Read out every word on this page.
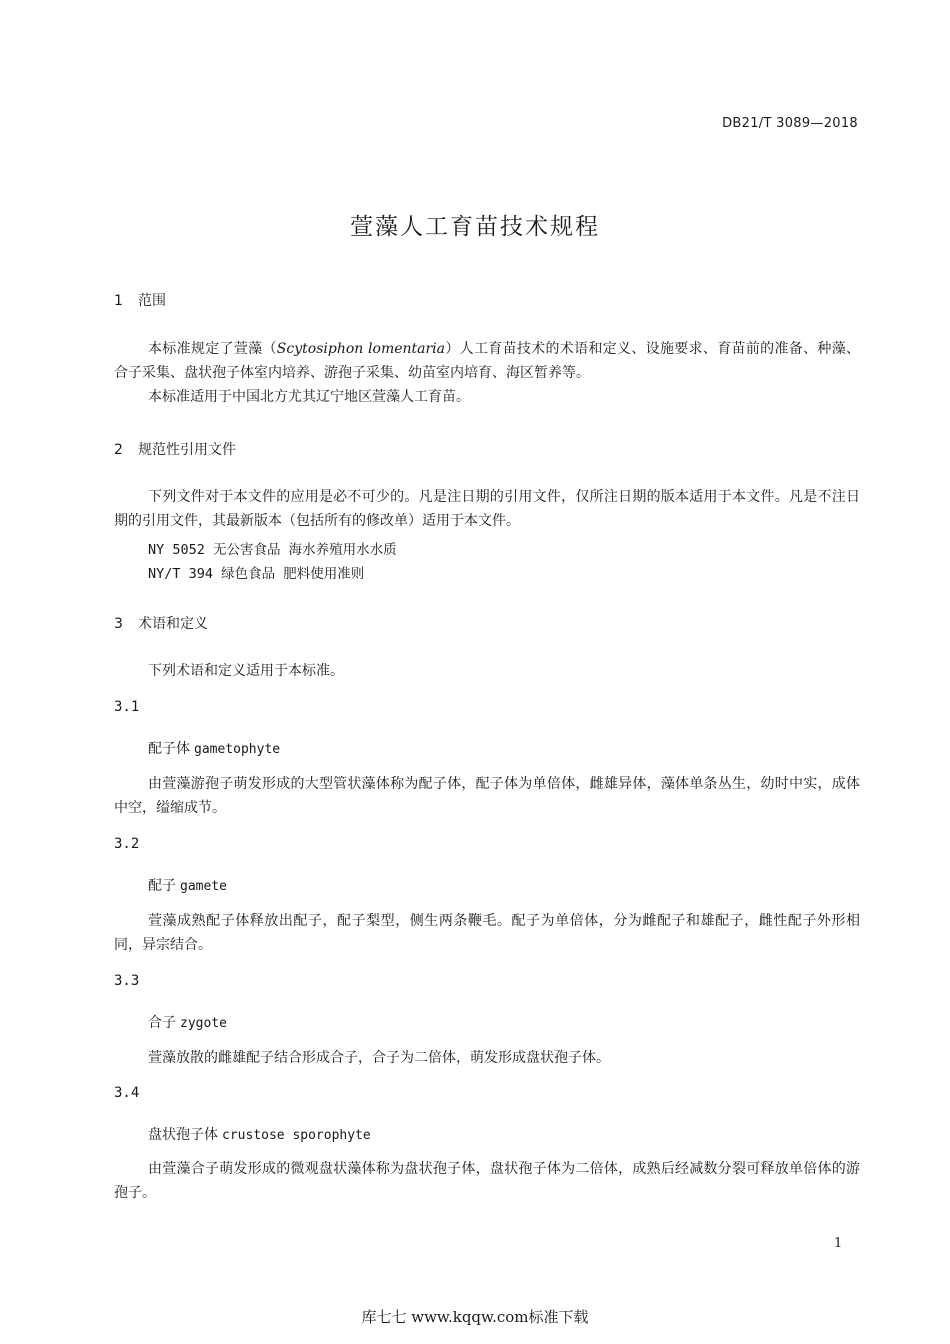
DB21/T 3089—2018
萱藻人工育苗技术规程
1 范围
本标准规定了萱藻（Scytosiphon lomentaria）人工育苗技术的术语和定义、设施要求、育苗前的准备、种藻、合子采集、盘状孢子体室内培养、游孢子采集、幼苗室内培育、海区暂养等。
本标准适用于中国北方尤其辽宁地区萱藻人工育苗。
2 规范性引用文件
下列文件对于本文件的应用是必不可少的。凡是注日期的引用文件，仅所注日期的版本适用于本文件。凡是不注日期的引用文件，其最新版本（包括所有的修改单）适用于本文件。
NY 5052 无公害食品 海水养殖用水水质
NY/T 394 绿色食品 肥料使用准则
3 术语和定义
下列术语和定义适用于本标准。
3.1
配子体 gametophyte
由萱藻游孢子萌发形成的大型管状藻体称为配子体，配子体为单倍体，雌雄异体，藻体单条丛生，幼时中实，成体中空，缢缩成节。
3.2
配子 gamete
萱藻成熟配子体释放出配子，配子梨型，侧生两条鞭毛。配子为单倍体，分为雌配子和雄配子，雌性配子外形相同，异宗结合。
3.3
合子 zygote
萱藻放散的雌雄配子结合形成合子，合子为二倍体，萌发形成盘状孢子体。
3.4
盘状孢子体 crustose sporophyte
由萱藻合子萌发形成的微观盘状藻体称为盘状孢子体，盘状孢子体为二倍体，成熟后经减数分裂可释放单倍体的游孢子。
1
库七七 www.kqqw.com标准下载
